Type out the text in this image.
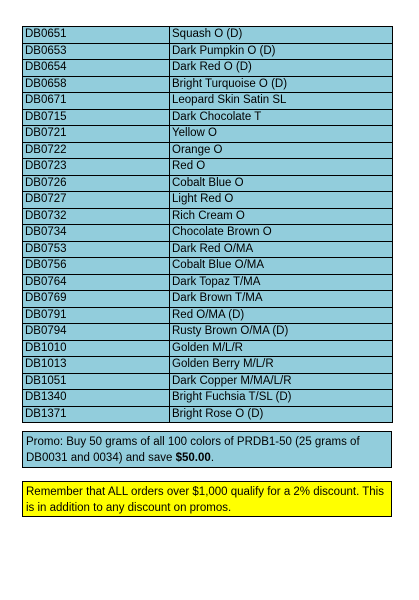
DB0651	Squash O (D)
DB0653	Dark Pumpkin O (D)
DB0654	Dark Red O (D)
DB0658	Bright Turquoise O (D)
DB0671	Leopard Skin Satin SL
DB0715	Dark Chocolate T
DB0721	Yellow O
DB0722	Orange O
DB0723	Red O
DB0726	Cobalt Blue O
DB0727	Light Red O
DB0732	Rich Cream O
DB0734	Chocolate Brown O
DB0753	Dark Red O/MA
DB0756	Cobalt Blue O/MA
DB0764	Dark Topaz T/MA
DB0769	Dark Brown T/MA
DB0791	Red O/MA (D)
DB0794	Rusty Brown O/MA (D)
DB1010	Golden M/L/R
DB1013	Golden Berry M/L/R
DB1051	Dark Copper M/MA/L/R
DB1340	Bright Fuchsia T/SL (D)
DB1371	Bright Rose O (D)
Promo: Buy 50 grams of all 100 colors of PRDB1-50 (25 grams of DB0031 and 0034) and save $50.00.
Remember that ALL orders over $1,000 qualify for a 2% discount. This is in addition to any discount on promos.
